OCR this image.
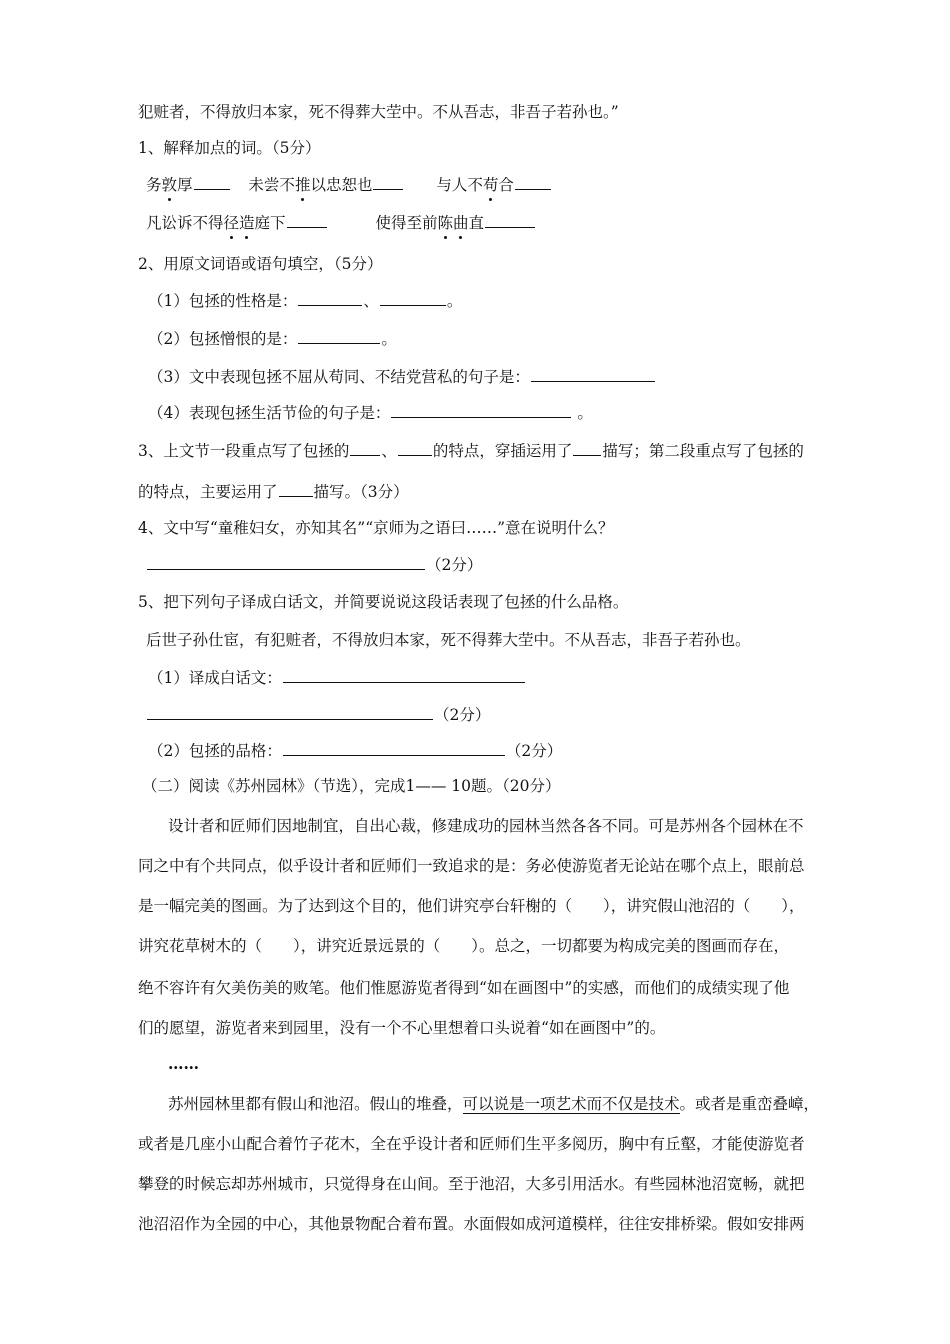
犯赃者，不得放归本家，死不得葬大茔中。不从吾志，非吾子若孙也。”
1、解释加点的词。（5分）
务敦厚	未尝不推以忠恕也	与人不苟合
凡讼诉不得径造庭下	使得至前陈曲直
2、用原文词语或语句填空，（5分）
（1）包拯的性格是：	、	。
（2）包拯憎恨的是：	。
（3）文中表现包拯不屈从苟同、不结党营私的句子是：
（4）表现包拯生活节俭的句子是：	。
3、上文节一段重点写了包拯的 、 的特点，穿插运用了 描写；第二段重点写了包拯的
的特点，主要运用了 描写。（3分）
4、文中写“童稚妇女，亦知其名”“京师为之语曰……”意在说明什么？
（2分）
5、把下列句子译成白话文，并简要说说这段话表现了包拯的什么品格。
后世子孙仕宦，有犯赃者，不得放归本家，死不得葬大茔中。不从吾志，非吾子若孙也。
（1）译成白话文：
（2分）
（2）包拯的品格：	（2分）
（二）阅读《苏州园林》（节选），完成1—— 10题。（20分）
设计者和匠师们因地制宜，自出心裁，修建成功的园林当然各各不同。可是苏州各个园林在不
同之中有个共同点，似乎设计者和匠师们一致追求的是：务必使游览者无论站在哪个点上，眼前总
是一幅完美的图画。为了达到这个目的，他们讲究亭台轩榭的（　　），讲究假山池沼的（　　），
讲究花草树木的（　　），讲究近景远景的（　　）。总之，一切都要为构成完美的图画而存在，
绝不容许有欠美伤美的败笔。他们惟愿游览者得到“如在画图中”的实感，而他们的成绩实现了他
们的愿望，游览者来到园里，没有一个不心里想着口头说着“如在画图中”的。
……
苏州园林里都有假山和池沼。假山的堆叠，可以说是一项艺术而不仅是技术。或者是重峦叠嶂，
或者是几座小山配合着竹子花木，全在乎设计者和匠师们生平多阅历，胸中有丘壑，才能使游览者
攀登的时候忘却苏州城市，只觉得身在山间。至于池沼，大多引用活水。有些园林池沼宽畅，就把
池沼沼作为全园的中心，其他景物配合着布置。水面假如成河道模样，往往安排桥梁。假如安排两
